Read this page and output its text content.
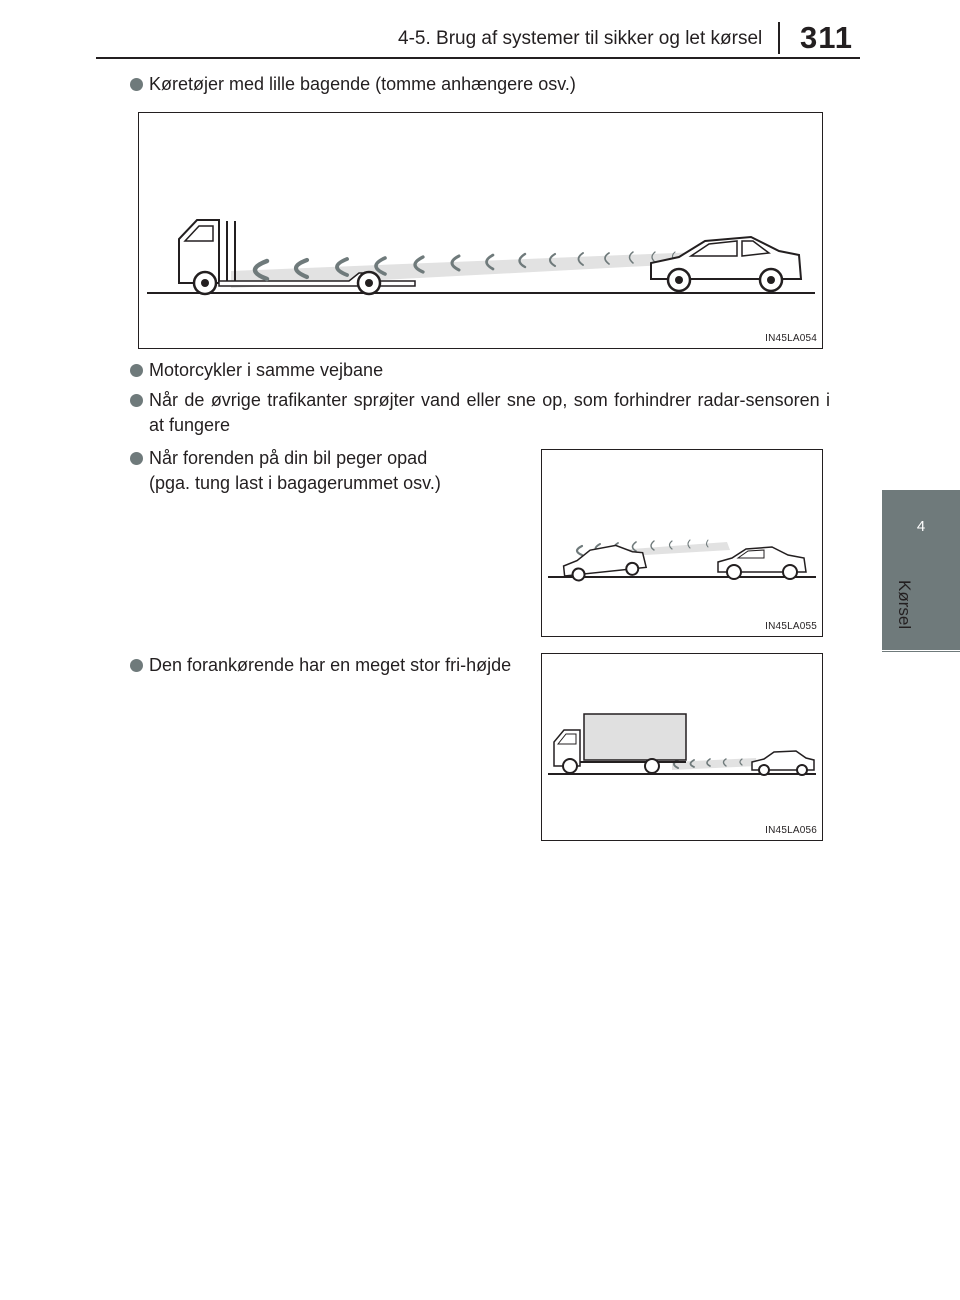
4-5. Brug af systemer til sikker og let kørsel 311
4
Kørsel
Køretøjer med lille bagende (tomme anhængere osv.)
IN45LA054
Motorcykler i samme vejbane
Når de øvrige trafikanter sprøjter vand eller sne op, som forhindrer radar-sensoren i at fungere
Når forenden på din bil peger opad
(pga. tung last i bagagerummet osv.)
IN45LA055
Den forankørende har en meget stor fri-højde
IN45LA056
